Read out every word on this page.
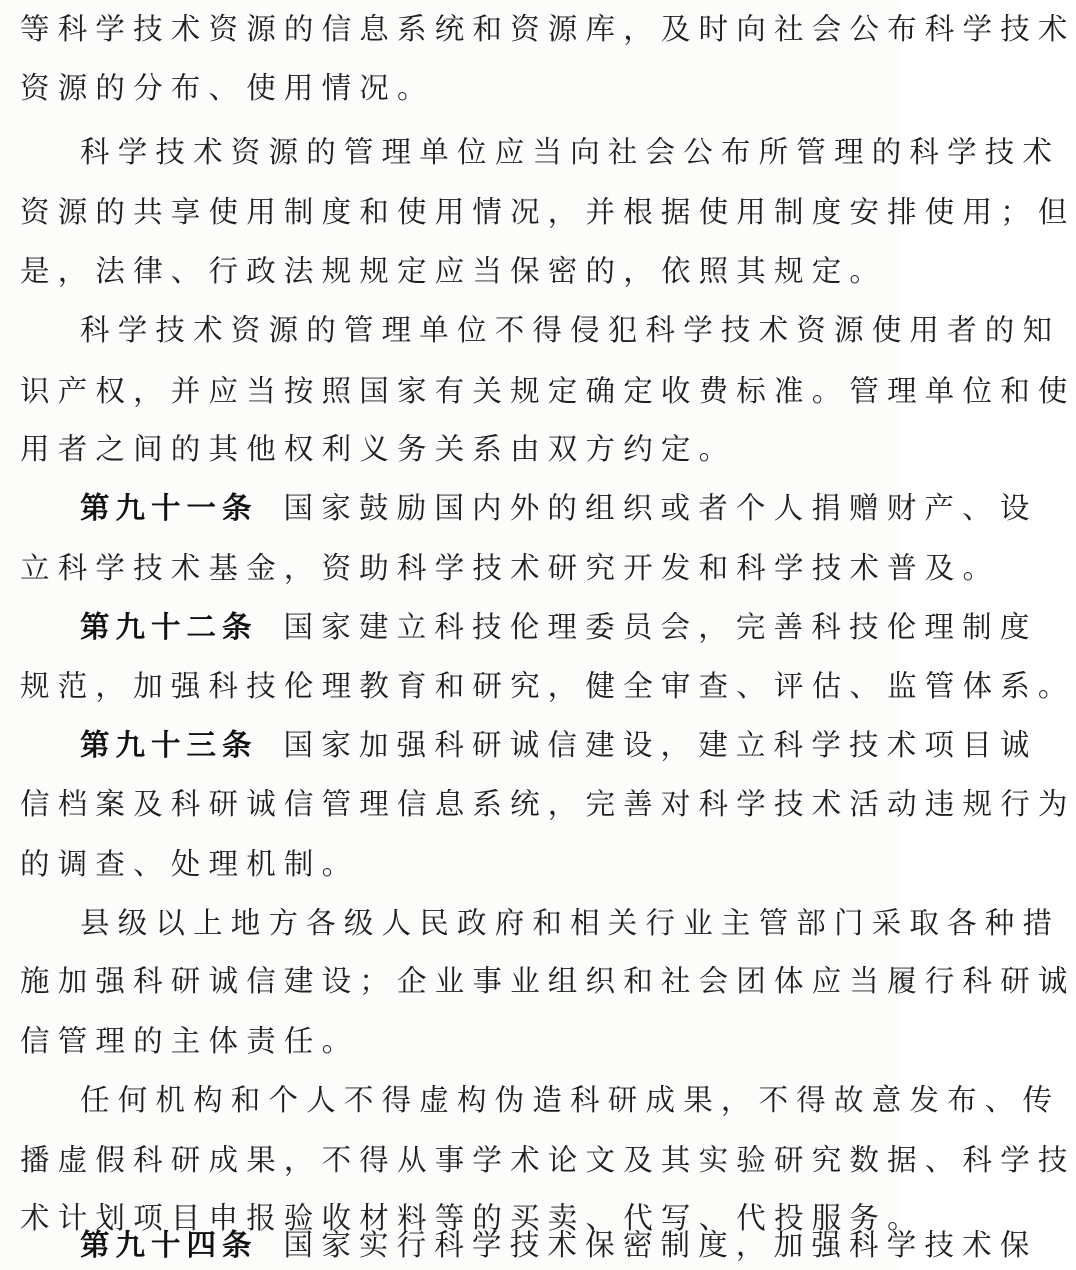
等科学技术资源的信息系统和资源库，及时向社会公布科学技术
资源的分布、使用情况。
科学技术资源的管理单位应当向社会公布所管理的科学技术
资源的共享使用制度和使用情况，并根据使用制度安排使用；但
是，法律、行政法规规定应当保密的，依照其规定。
科学技术资源的管理单位不得侵犯科学技术资源使用者的知
识产权，并应当按照国家有关规定确定收费标准。管理单位和使
用者之间的其他权利义务关系由双方约定。
第九十一条 国家鼓励国内外的组织或者个人捐赠财产、设
立科学技术基金，资助科学技术研究开发和科学技术普及。
第九十二条 国家建立科技伦理委员会，完善科技伦理制度
规范，加强科技伦理教育和研究，健全审查、评估、监管体系。
第九十三条 国家加强科研诚信建设，建立科学技术项目诚
信档案及科研诚信管理信息系统，完善对科学技术活动违规行为
的调查、处理机制。
县级以上地方各级人民政府和相关行业主管部门采取各种措
施加强科研诚信建设；企业事业组织和社会团体应当履行科研诚
信管理的主体责任。
任何机构和个人不得虚构伪造科研成果，不得故意发布、传
播虚假科研成果，不得从事学术论文及其实验研究数据、科学技
术计划项目申报验收材料等的买卖、代写、代投服务。
第九十四条 国家实行科学技术保密制度，加强科学技术保
